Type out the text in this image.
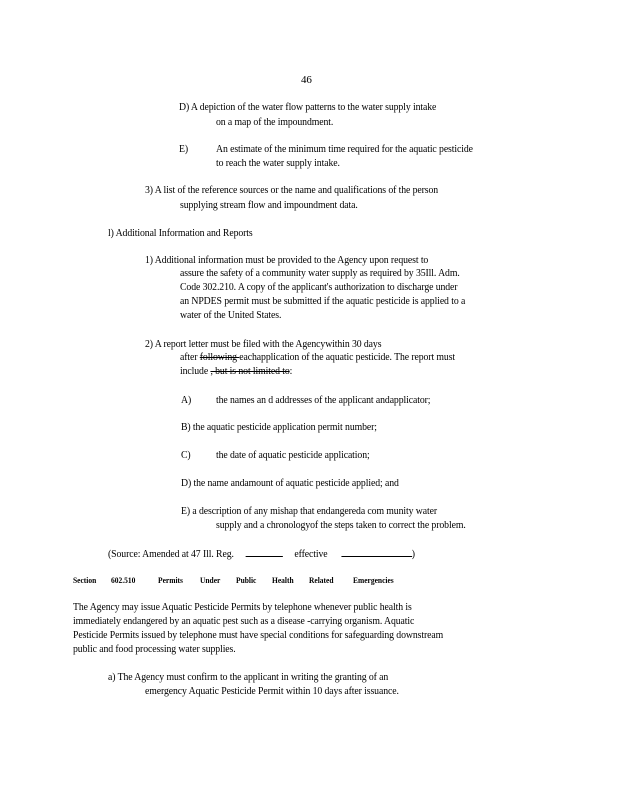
46

D) A depiction of the water flow patterns to the water supply intake

on a map of the impoundment.

E)	An estimate of the minimum time required for the aquatic pesticide

to reach the water supply intake.

3) A list of the reference sources or the name and qualifications of the person

supplying stream flow and impoundment data.

l) Additional Information and Reports

1) Additional information must be provided to the Agency upon request to

assure the safety of a community water supply as required by 35Ill. Adm.

Code 302.210. A copy of the applicant's authorization to discharge under

an NPDES permit must be submitted if the aquatic pesticide is applied to a

water of the United States.

2) A report letter must be filed with the Agencywithin 30 days

after following eachapplication of the aquatic pesticide. The report must

include , but is not limited to:

A) the names an d addresses of the applicant andapplicator;

B) the aquatic pesticide application permit number;

C) the date of aquatic pesticide application;

D) the name andamount of aquatic pesticide applied; and

E) a description of any mishap that endangereda com munity water

supply and a chronologyof the steps taken to correct the problem.

(Source: Amended at 47 Ill. Reg.	effective	)

Section 602.510	Permits Under Public Health Related Emergencies

The Agency may issue Aquatic Pesticide Permits by telephone whenever public health is

immediately endangered by an aquatic pest such as a disease -carrying organism. Aquatic

Pesticide Permits issued by telephone must have special conditions for safeguarding downstream

public and food processing water supplies.

a) The Agency must confirm to the applicant in writing the granting of an

emergency Aquatic Pesticide Permit within 10 days after issuance.
